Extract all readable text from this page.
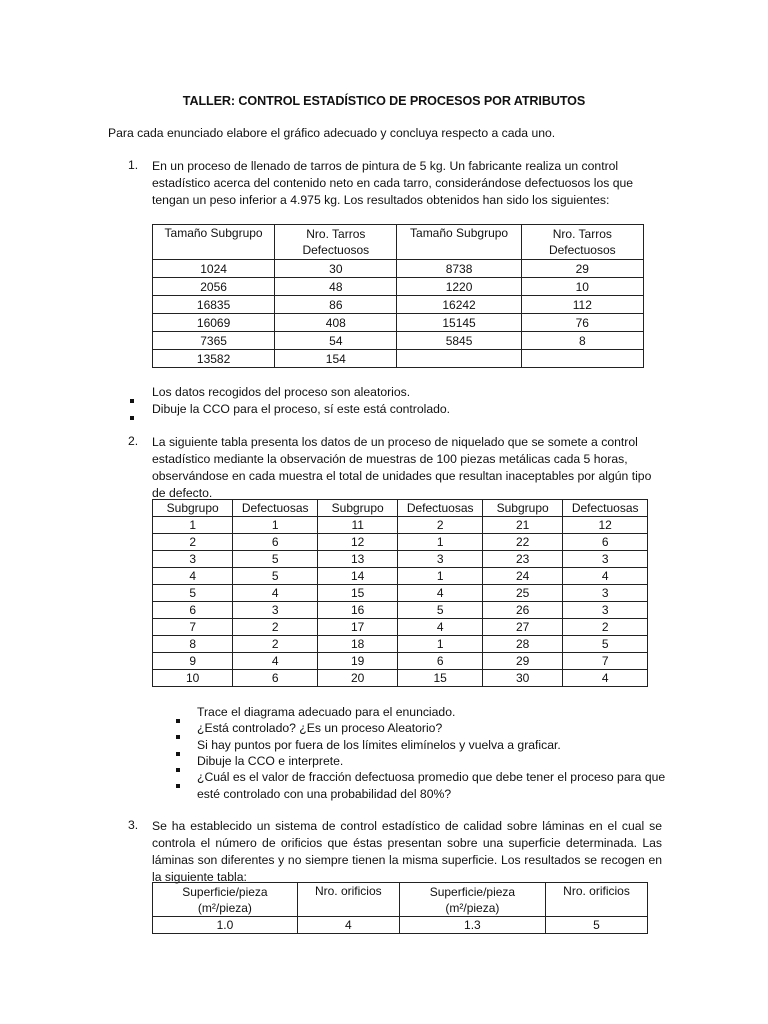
TALLER: CONTROL ESTADÍSTICO DE PROCESOS POR ATRIBUTOS
Para cada enunciado elabore el gráfico adecuado y concluya respecto a cada uno.
1. En un proceso de llenado de tarros de pintura de 5 kg. Un fabricante realiza un control estadístico acerca del contenido neto en cada tarro, considerándose defectuosos los que tengan un peso inferior a 4.975 kg. Los resultados obtenidos han sido los siguientes:
Tamaño Subgrupo	Nro. Tarros Defectuosos	Tamaño Subgrupo	Nro. Tarros Defectuosos
1024	30	8738	29
2056	48	1220	10
16835	86	16242	112
16069	408	15145	76
7365	54	5845	8
13582	154		
Los datos recogidos del proceso son aleatorios.
Dibuje la CCO para el proceso, sí este está controlado.
2. La siguiente tabla presenta los datos de un proceso de niquelado que se somete a control estadístico mediante la observación de muestras de 100 piezas metálicas cada 5 horas, observándose en cada muestra el total de unidades que resultan inaceptables por algún tipo de defecto.
Subgrupo	Defectuosas	Subgrupo	Defectuosas	Subgrupo	Defectuosas
1	1	11	2	21	12
2	6	12	1	22	6
3	5	13	3	23	3
4	5	14	1	24	4
5	4	15	4	25	3
6	3	16	5	26	3
7	2	17	4	27	2
8	2	18	1	28	5
9	4	19	6	29	7
10	6	20	15	30	4
Trace el diagrama adecuado para el enunciado.
¿Está controlado? ¿Es un proceso Aleatorio?
Si hay puntos por fuera de los límites elimínelos y vuelva a graficar.
Dibuje la CCO e interprete.
¿Cuál es el valor de fracción defectuosa promedio que debe tener el proceso para que esté controlado con una probabilidad del 80%?
3. Se ha establecido un sistema de control estadístico de calidad sobre láminas en el cual se controla el número de orificios que éstas presentan sobre una superficie determinada. Las láminas son diferentes y no siempre tienen la misma superficie. Los resultados se recogen en la siguiente tabla:
Superficie/pieza (m²/pieza)	Nro. orificios	Superficie/pieza (m²/pieza)	Nro. orificios
1.0	4	1.3	5
